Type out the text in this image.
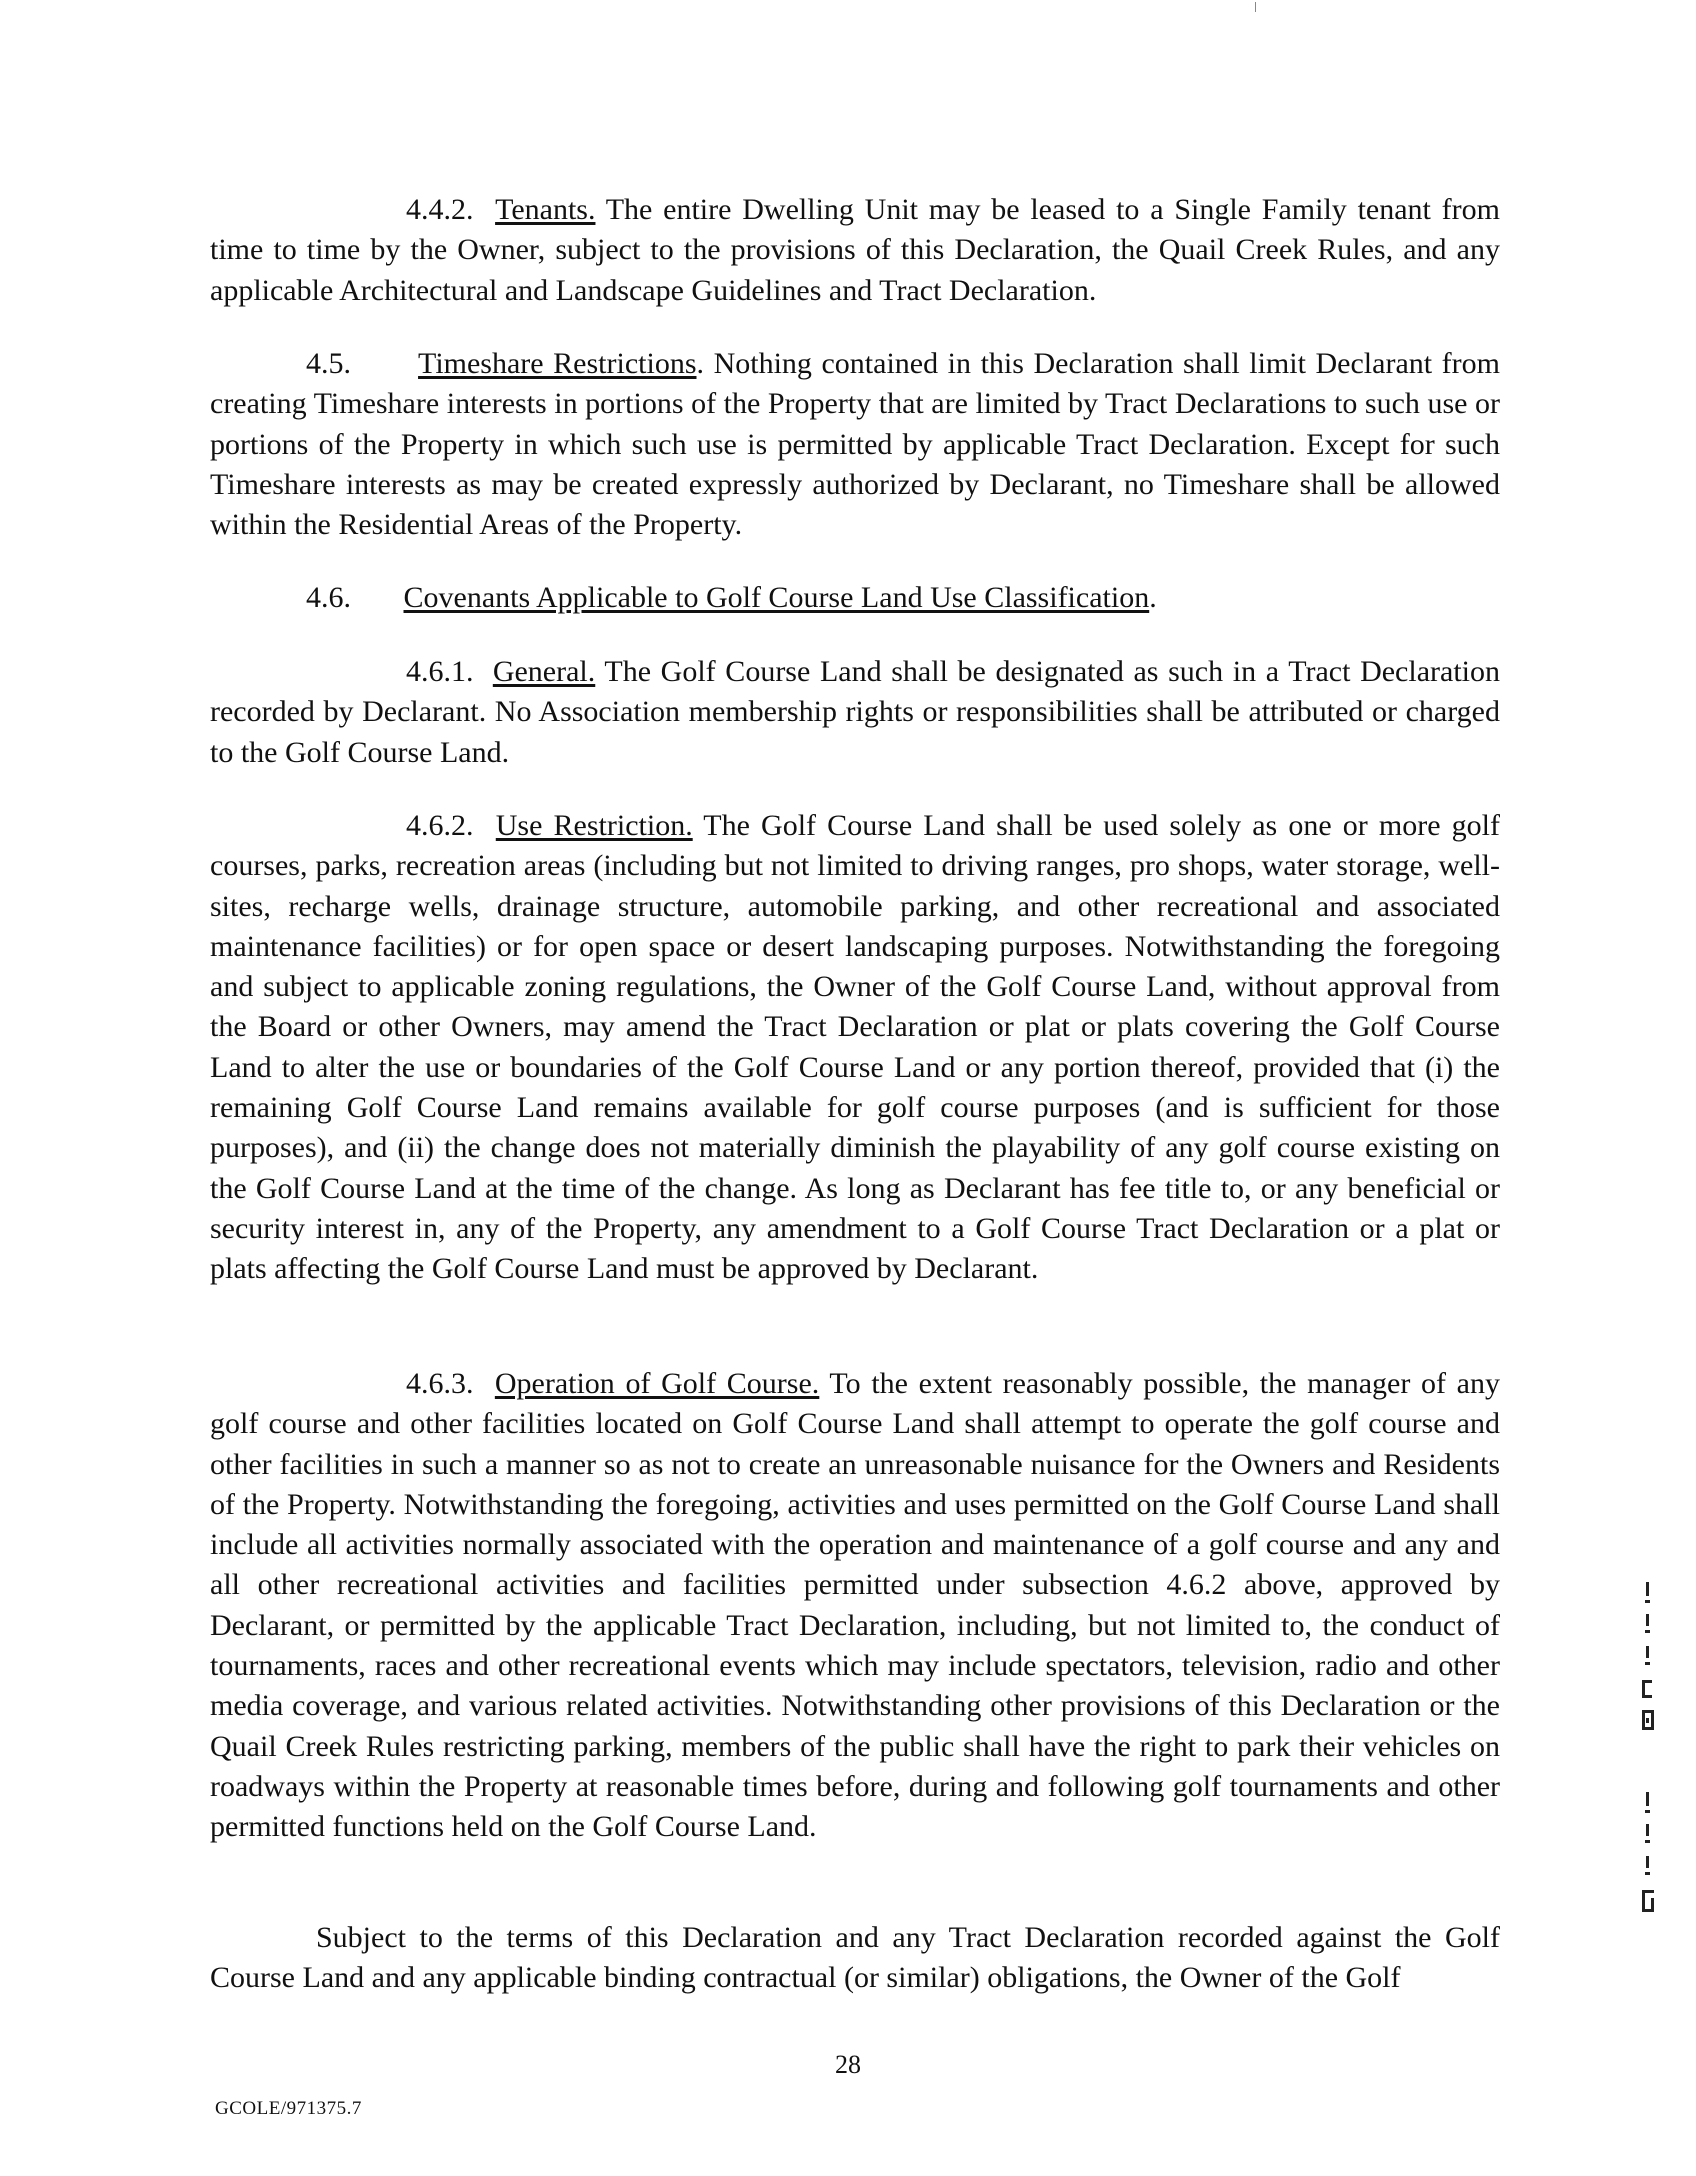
4.4.2. Tenants. The entire Dwelling Unit may be leased to a Single Family tenant from time to time by the Owner, subject to the provisions of this Declaration, the Quail Creek Rules, and any applicable Architectural and Landscape Guidelines and Tract Declaration.

4.5. Timeshare Restrictions. Nothing contained in this Declaration shall limit Declarant from creating Timeshare interests in portions of the Property that are limited by Tract Declarations to such use or portions of the Property in which such use is permitted by applicable Tract Declaration. Except for such Timeshare interests as may be created expressly authorized by Declarant, no Timeshare shall be allowed within the Residential Areas of the Property.

4.6. Covenants Applicable to Golf Course Land Use Classification.

4.6.1. General. The Golf Course Land shall be designated as such in a Tract Declaration recorded by Declarant. No Association membership rights or responsibilities shall be attributed or charged to the Golf Course Land.

4.6.2. Use Restriction. The Golf Course Land shall be used solely as one or more golf courses, parks, recreation areas (including but not limited to driving ranges, pro shops, water storage, well-sites, recharge wells, drainage structure, automobile parking, and other recreational and associated maintenance facilities) or for open space or desert landscaping purposes. Notwithstanding the foregoing and subject to applicable zoning regulations, the Owner of the Golf Course Land, without approval from the Board or other Owners, may amend the Tract Declaration or plat or plats covering the Golf Course Land to alter the use or boundaries of the Golf Course Land or any portion thereof, provided that (i) the remaining Golf Course Land remains available for golf course purposes (and is sufficient for those purposes), and (ii) the change does not materially diminish the playability of any golf course existing on the Golf Course Land at the time of the change. As long as Declarant has fee title to, or any beneficial or security interest in, any of the Property, any amendment to a Golf Course Tract Declaration or a plat or plats affecting the Golf Course Land must be approved by Declarant.

4.6.3. Operation of Golf Course. To the extent reasonably possible, the manager of any golf course and other facilities located on Golf Course Land shall attempt to operate the golf course and other facilities in such a manner so as not to create an unreasonable nuisance for the Owners and Residents of the Property. Notwithstanding the foregoing, activities and uses permitted on the Golf Course Land shall include all activities normally associated with the operation and maintenance of a golf course and any and all other recreational activities and facilities permitted under subsection 4.6.2 above, approved by Declarant, or permitted by the applicable Tract Declaration, including, but not limited to, the conduct of tournaments, races and other recreational events which may include spectators, television, radio and other media coverage, and various related activities. Notwithstanding other provisions of this Declaration or the Quail Creek Rules restricting parking, members of the public shall have the right to park their vehicles on roadways within the Property at reasonable times before, during and following golf tournaments and other permitted functions held on the Golf Course Land.

Subject to the terms of this Declaration and any Tract Declaration recorded against the Golf Course Land and any applicable binding contractual (or similar) obligations, the Owner of the Golf

28
GCOLE/971375.7
